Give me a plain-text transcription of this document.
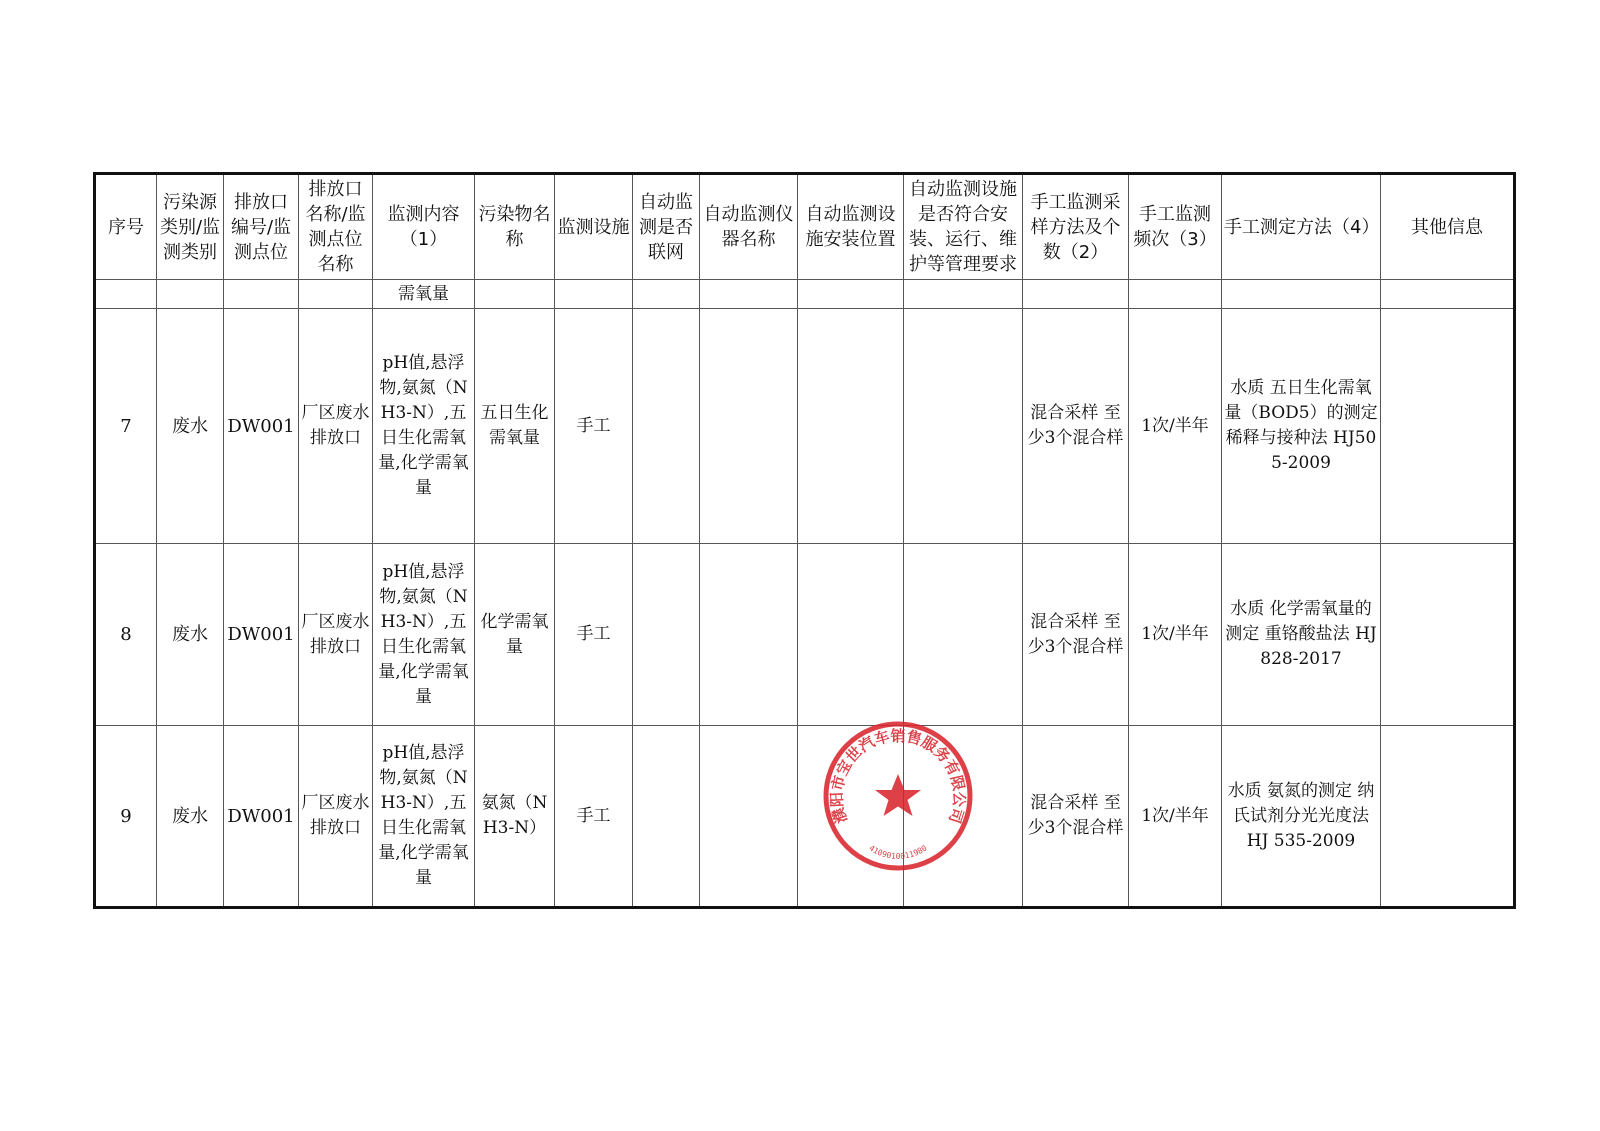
序号	污染源类别/监测类别	排放口编号/监测点位	排放口名称/监测点位名称	监测内容（1）	污染物名称	监测设施	自动监测是否联网	自动监测仪器名称	自动监测设施安装位置	自动监测设施是否符合安装、运行、维护等管理要求	手工监测采样方法及个数（2）	手工监测频次（3）	手工测定方法（4）	其他信息
				需氧量										
7	废水	DW001	厂区废水排放口	pH值,悬浮物,氨氮（NH3-N）,五日生化需氧量,化学需氧量	五日生化需氧量	手工					混合采样 至少3个混合样	1次/半年	水质 五日生化需氧量（BOD5）的测定 稀释与接种法 HJ505-2009	
8	废水	DW001	厂区废水排放口	pH值,悬浮物,氨氮（NH3-N）,五日生化需氧量,化学需氧量	化学需氧量	手工					混合采样 至少3个混合样	1次/半年	水质 化学需氧量的测定 重铬酸盐法 HJ 828-2017	
9	废水	DW001	厂区废水排放口	pH值,悬浮物,氨氮（NH3-N）,五日生化需氧量,化学需氧量	氨氮（NH3-N）	手工					混合采样 至少3个混合样	1次/半年	水质 氨氮的测定 纳氏试剂分光光度法 HJ 535-2009	
濮阳市宝世汽车销售服务有限公司
4109010011980
